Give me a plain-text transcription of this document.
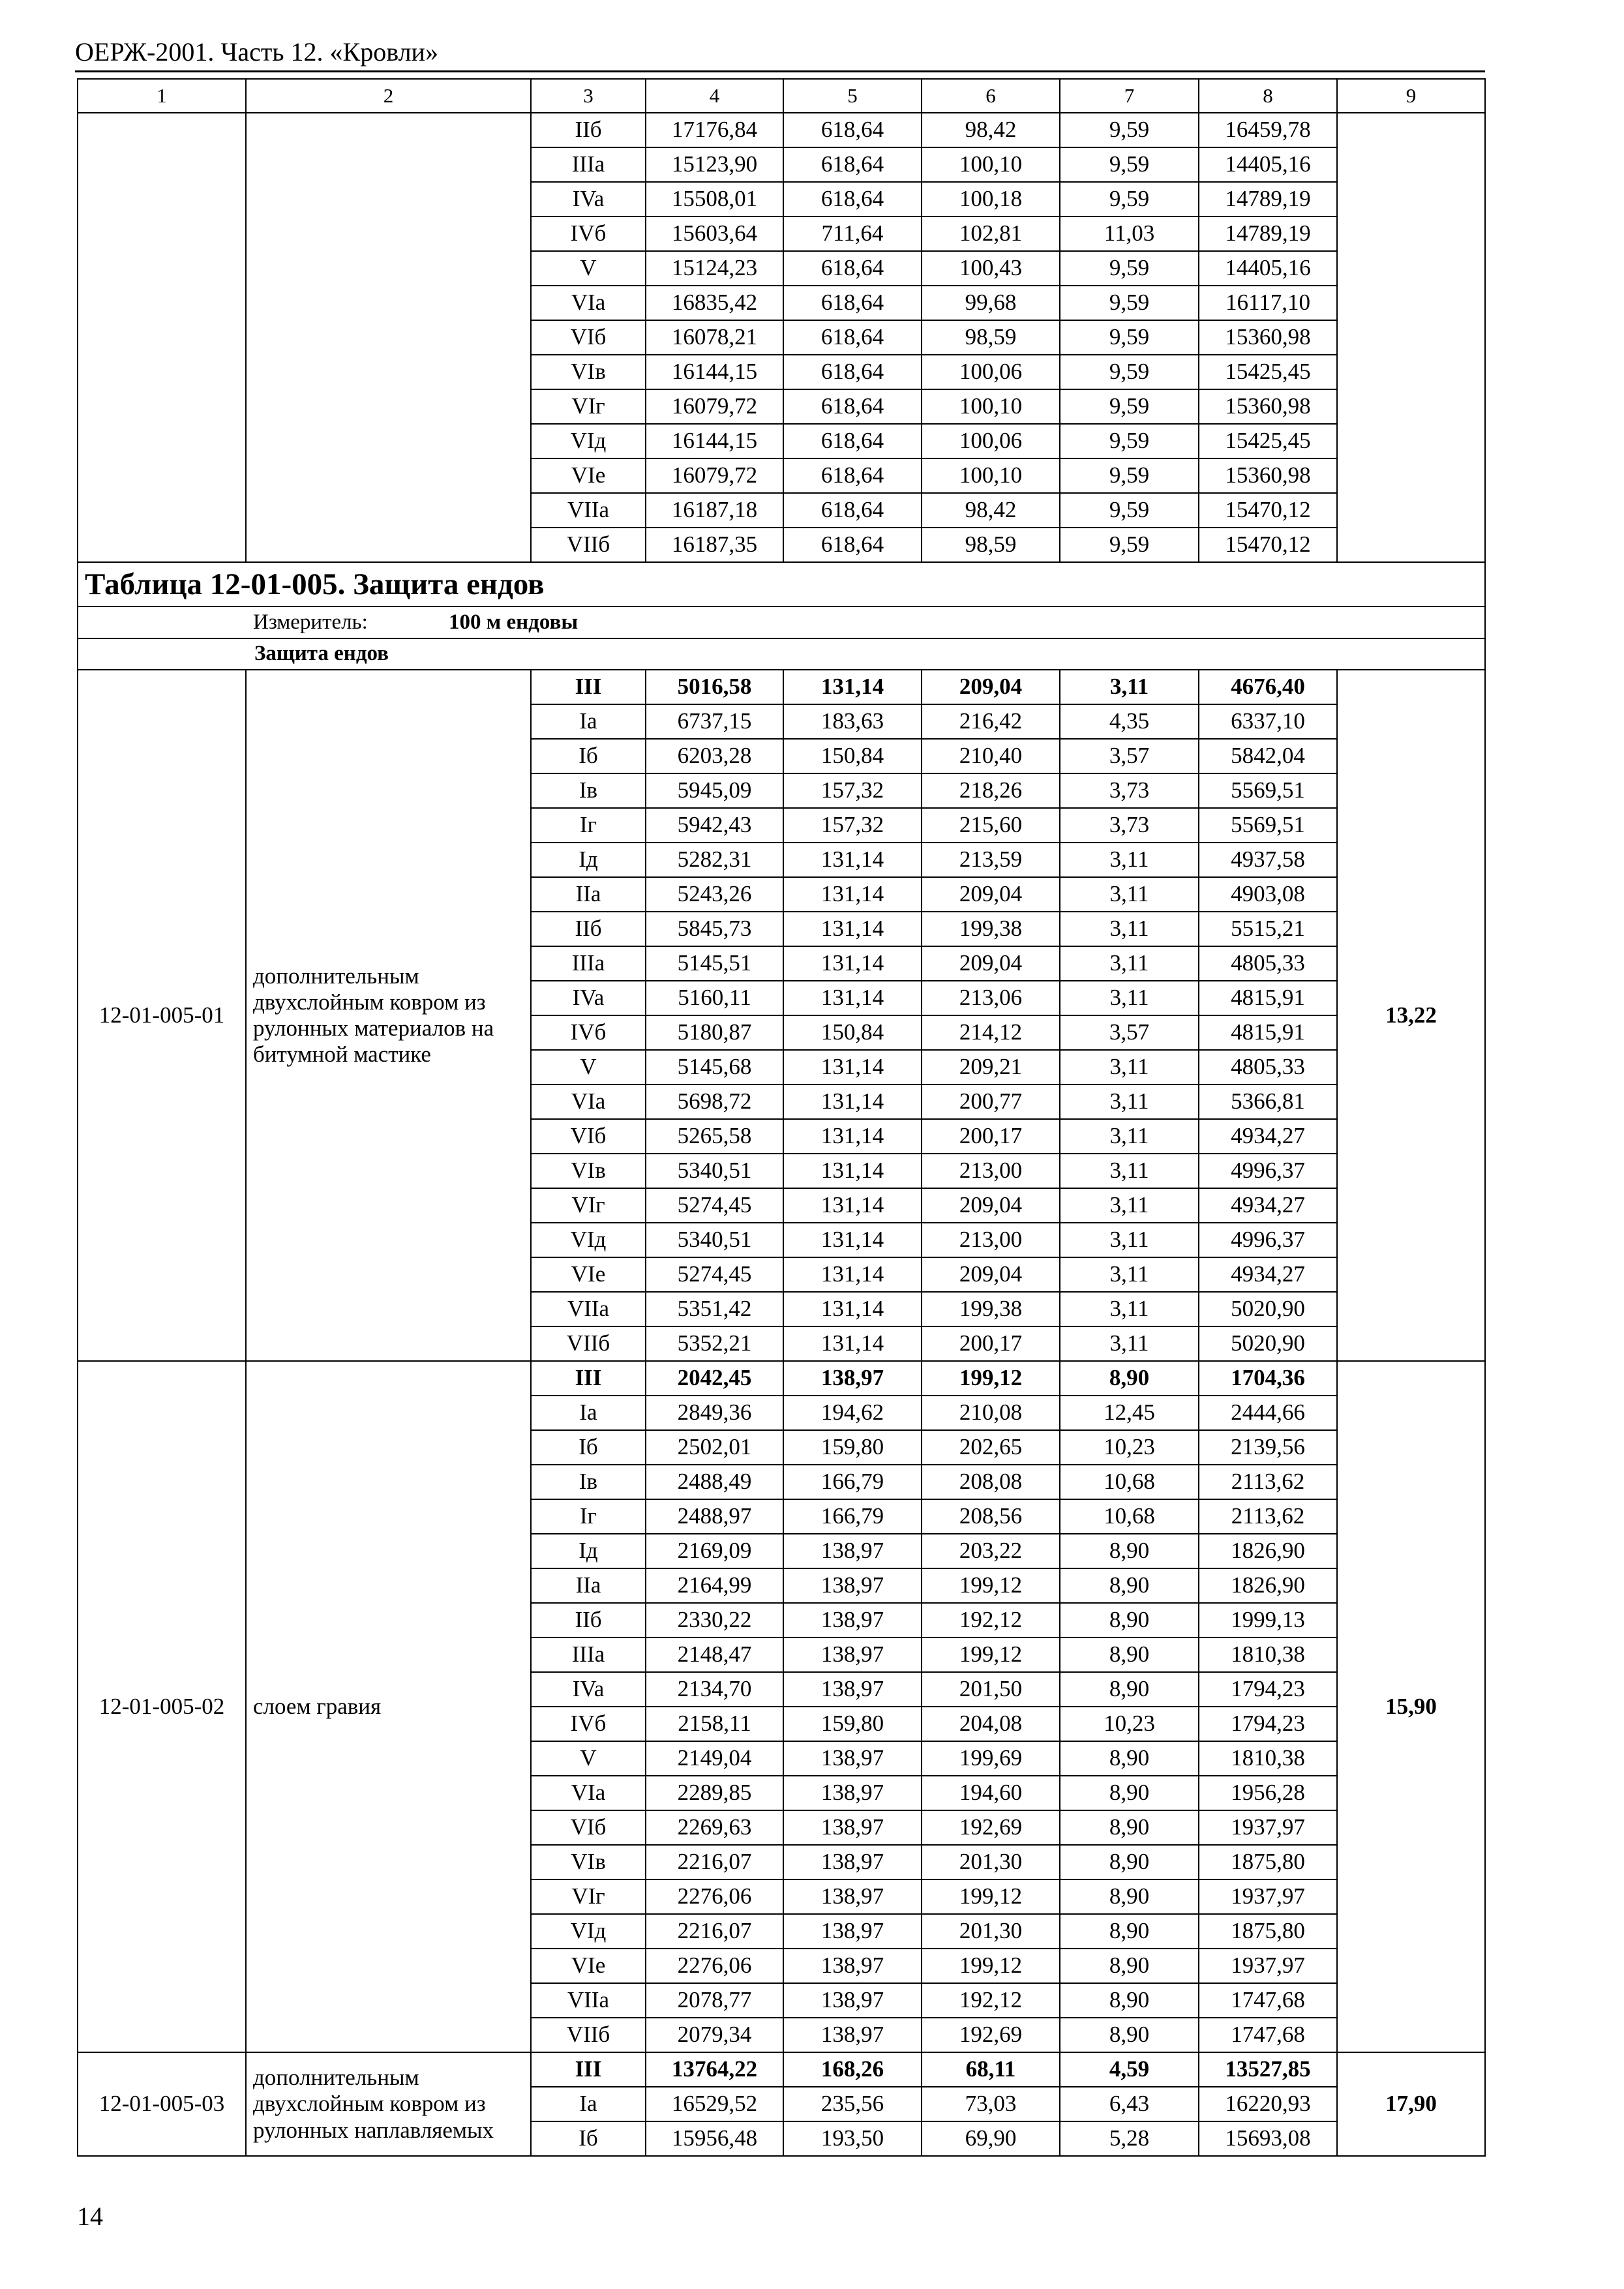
ОЕРЖ-2001. Часть 12. «Кровли»
1	2	3	4	5	6	7	8	9
		IIб	17176,84	618,64	98,42	9,59	16459,78	
		IIIa	15123,90	618,64	100,10	9,59	14405,16	
		IVa	15508,01	618,64	100,18	9,59	14789,19	
		IVб	15603,64	711,64	102,81	11,03	14789,19	
		V	15124,23	618,64	100,43	9,59	14405,16	
		VIa	16835,42	618,64	99,68	9,59	16117,10	
		VIб	16078,21	618,64	98,59	9,59	15360,98	
		VIв	16144,15	618,64	100,06	9,59	15425,45	
		VIг	16079,72	618,64	100,10	9,59	15360,98	
		VIд	16144,15	618,64	100,06	9,59	15425,45	
		VIe	16079,72	618,64	100,10	9,59	15360,98	
		VIIa	16187,18	618,64	98,42	9,59	15470,12	
		VIIб	16187,35	618,64	98,59	9,59	15470,12	
Таблица 12-01-005. Защита ендов								
Измеритель: 100 м ендовы								
Защита ендов								
12-01-005-01	дополнительным двухслойным ковром из рулонных материалов на битумной мастике	III	5016,58	131,14	209,04	3,11	4676,40	13,22
		Ia	6737,15	183,63	216,42	4,35	6337,10	
		Iб	6203,28	150,84	210,40	3,57	5842,04	
		Iв	5945,09	157,32	218,26	3,73	5569,51	
		Iг	5942,43	157,32	215,60	3,73	5569,51	
		Iд	5282,31	131,14	213,59	3,11	4937,58	
		IIa	5243,26	131,14	209,04	3,11	4903,08	
		IIб	5845,73	131,14	199,38	3,11	5515,21	
		IIIa	5145,51	131,14	209,04	3,11	4805,33	
		IVa	5160,11	131,14	213,06	3,11	4815,91	
		IVб	5180,87	150,84	214,12	3,57	4815,91	
		V	5145,68	131,14	209,21	3,11	4805,33	
		VIa	5698,72	131,14	200,77	3,11	5366,81	
		VIб	5265,58	131,14	200,17	3,11	4934,27	
		VIв	5340,51	131,14	213,00	3,11	4996,37	
		VIг	5274,45	131,14	209,04	3,11	4934,27	
		VIд	5340,51	131,14	213,00	3,11	4996,37	
		VIe	5274,45	131,14	209,04	3,11	4934,27	
		VIIa	5351,42	131,14	199,38	3,11	5020,90	
		VIIб	5352,21	131,14	200,17	3,11	5020,90	
12-01-005-02	слоем гравия	III	2042,45	138,97	199,12	8,90	1704,36	15,90
		Ia	2849,36	194,62	210,08	12,45	2444,66	
		Iб	2502,01	159,80	202,65	10,23	2139,56	
		Iв	2488,49	166,79	208,08	10,68	2113,62	
		Iг	2488,97	166,79	208,56	10,68	2113,62	
		Iд	2169,09	138,97	203,22	8,90	1826,90	
		IIa	2164,99	138,97	199,12	8,90	1826,90	
		IIб	2330,22	138,97	192,12	8,90	1999,13	
		IIIa	2148,47	138,97	199,12	8,90	1810,38	
		IVa	2134,70	138,97	201,50	8,90	1794,23	
		IVб	2158,11	159,80	204,08	10,23	1794,23	
		V	2149,04	138,97	199,69	8,90	1810,38	
		VIa	2289,85	138,97	194,60	8,90	1956,28	
		VIб	2269,63	138,97	192,69	8,90	1937,97	
		VIв	2216,07	138,97	201,30	8,90	1875,80	
		VIг	2276,06	138,97	199,12	8,90	1937,97	
		VIд	2216,07	138,97	201,30	8,90	1875,80	
		VIe	2276,06	138,97	199,12	8,90	1937,97	
		VIIa	2078,77	138,97	192,12	8,90	1747,68	
		VIIб	2079,34	138,97	192,69	8,90	1747,68	
12-01-005-03	дополнительным двухслойным ковром из рулонных наплавляемых	III	13764,22	168,26	68,11	4,59	13527,85	17,90
		Ia	16529,52	235,56	73,03	6,43	16220,93	
		Iб	15956,48	193,50	69,90	5,28	15693,08	
14
